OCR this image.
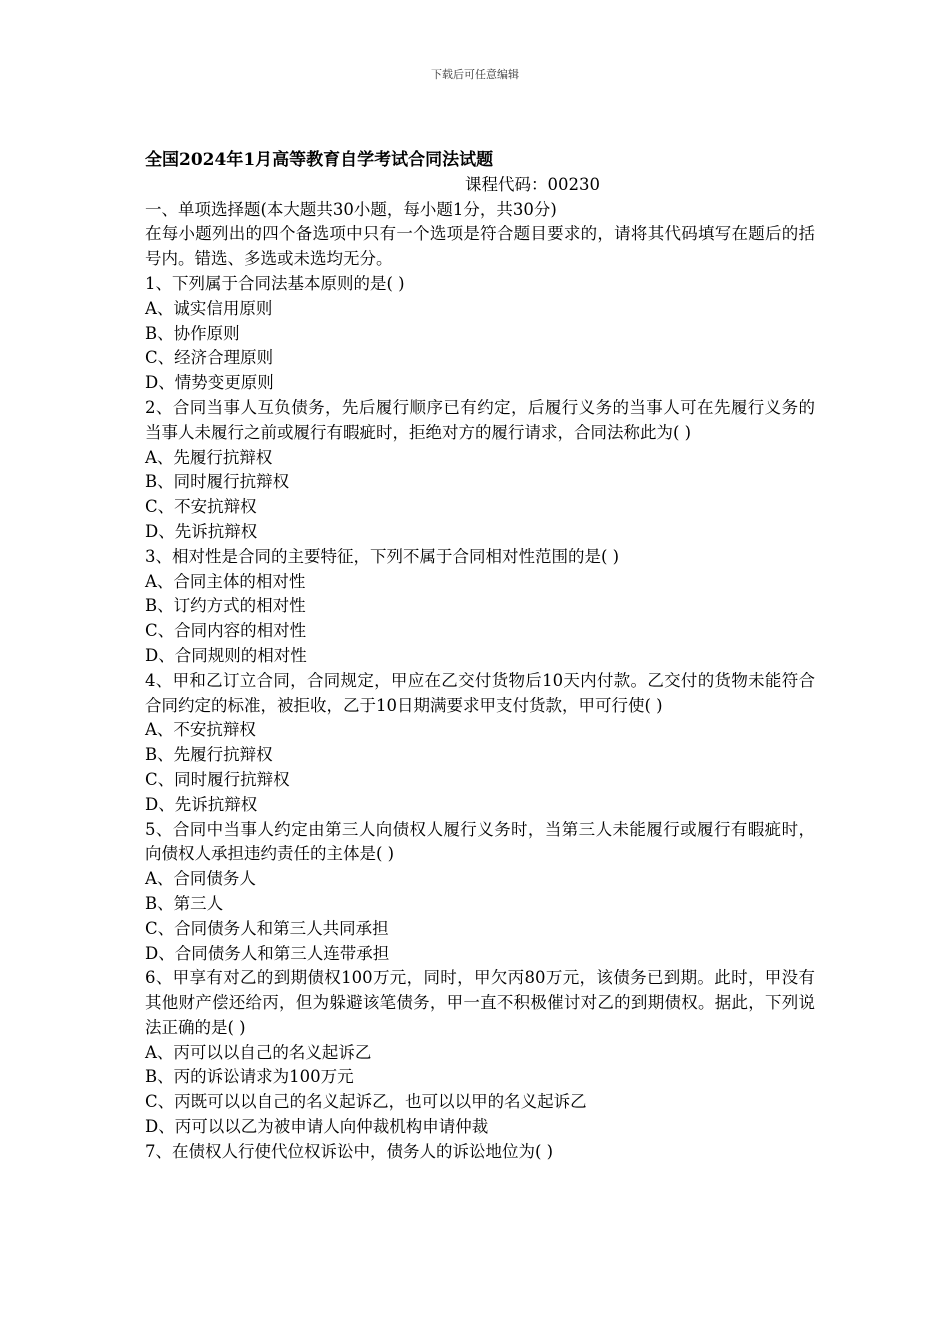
下载后可任意编辑

全国2024年1月高等教育自学考试合同法试题

课程代码：00230

一、单项选择题(本大题共30小题，每小题1分，共30分)

在每小题列出的四个备选项中只有一个选项是符合题目要求的，请将其代码填写在题后的括号内。错选、多选或未选均无分。

1、下列属于合同法基本原则的是( )

A、诚实信用原则

B、协作原则

C、经济合理原则

D、情势变更原则

2、合同当事人互负债务，先后履行顺序已有约定，后履行义务的当事人可在先履行义务的当事人未履行之前或履行有暇疵时，拒绝对方的履行请求，合同法称此为( )

A、先履行抗辩权

B、同时履行抗辩权

C、不安抗辩权

D、先诉抗辩权

3、相对性是合同的主要特征，下列不属于合同相对性范围的是( )

A、合同主体的相对性

B、订约方式的相对性

C、合同内容的相对性

D、合同规则的相对性

4、甲和乙订立合同，合同规定，甲应在乙交付货物后10天内付款。乙交付的货物未能符合合同约定的标准，被拒收，乙于10日期满要求甲支付货款，甲可行使( )

A、不安抗辩权

B、先履行抗辩权

C、同时履行抗辩权

D、先诉抗辩权

5、合同中当事人约定由第三人向债权人履行义务时，当第三人未能履行或履行有暇疵时，向债权人承担违约责任的主体是( )

A、合同债务人

B、第三人

C、合同债务人和第三人共同承担

D、合同债务人和第三人连带承担

6、甲享有对乙的到期债权100万元，同时，甲欠丙80万元，该债务已到期。此时，甲没有其他财产偿还给丙，但为躲避该笔债务，甲一直不积极催讨对乙的到期债权。据此，下列说法正确的是( )

A、丙可以以自己的名义起诉乙

B、丙的诉讼请求为100万元

C、丙既可以以自己的名义起诉乙，也可以以甲的名义起诉乙

D、丙可以以乙为被申请人向仲裁机构申请仲裁

7、在债权人行使代位权诉讼中，债务人的诉讼地位为( )
